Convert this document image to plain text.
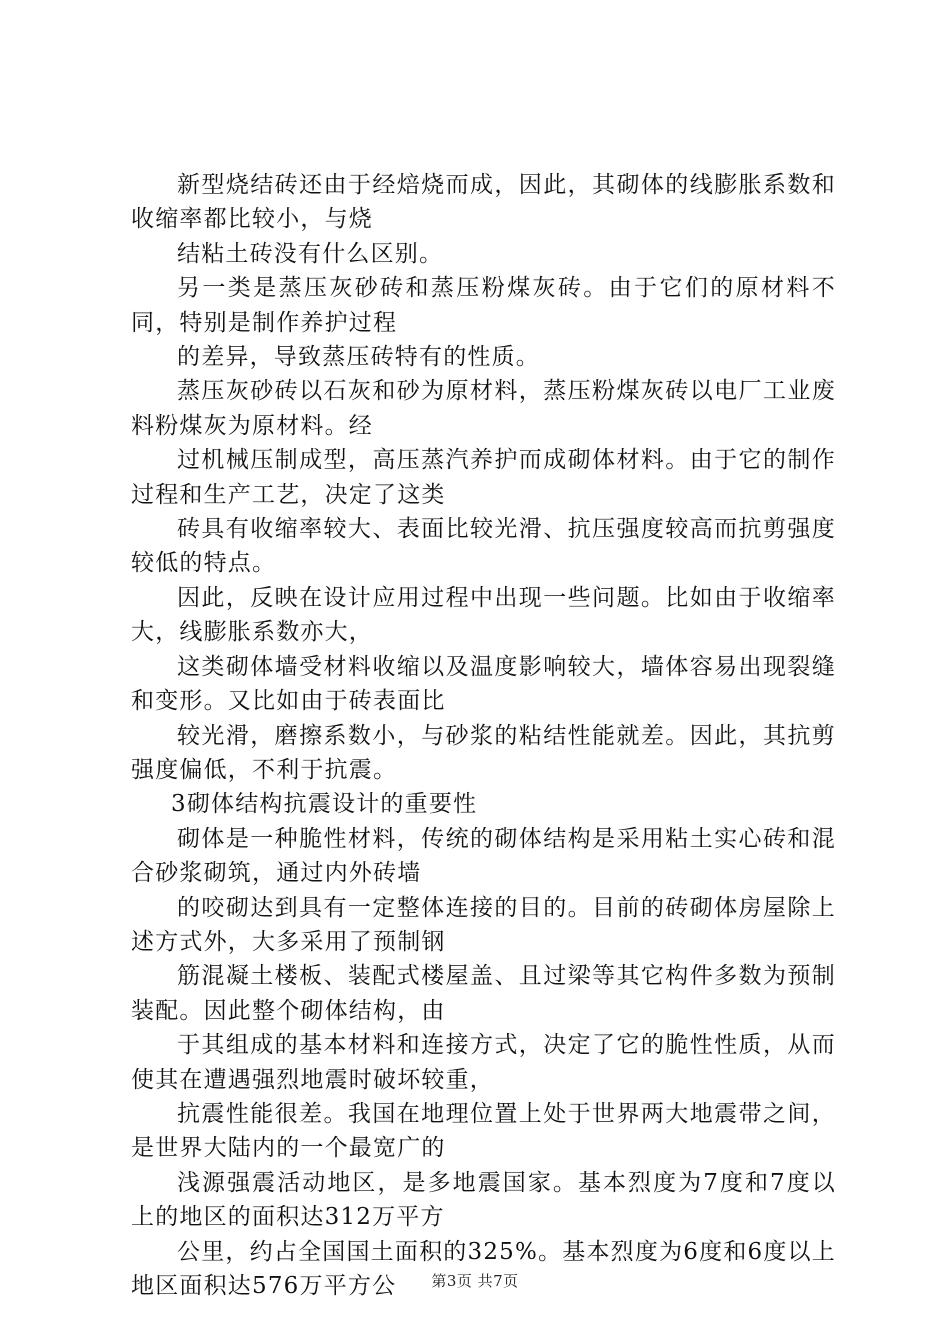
新型烧结砖还由于经焙烧而成，因此，其砌体的线膨胀系数和收缩率都比较小，与烧

结粘土砖没有什么区别。

另一类是蒸压灰砂砖和蒸压粉煤灰砖。由于它们的原材料不同，特别是制作养护过程

的差异，导致蒸压砖特有的性质。

蒸压灰砂砖以石灰和砂为原材料，蒸压粉煤灰砖以电厂工业废料粉煤灰为原材料。经

过机械压制成型，高压蒸汽养护而成砌体材料。由于它的制作过程和生产工艺，决定了这类

砖具有收缩率较大、表面比较光滑、抗压强度较高而抗剪强度较低的特点。

因此，反映在设计应用过程中出现一些问题。比如由于收缩率大，线膨胀系数亦大，

这类砌体墙受材料收缩以及温度影响较大，墙体容易出现裂缝和变形。又比如由于砖表面比

较光滑，磨擦系数小，与砂浆的粘结性能就差。因此，其抗剪强度偏低，不利于抗震。

3砌体结构抗震设计的重要性

砌体是一种脆性材料，传统的砌体结构是采用粘土实心砖和混合砂浆砌筑，通过内外砖墙

的咬砌达到具有一定整体连接的目的。目前的砖砌体房屋除上述方式外，大多采用了预制钢

筋混凝土楼板、装配式楼屋盖、且过梁等其它构件多数为预制装配。因此整个砌体结构，由

于其组成的基本材料和连接方式，决定了它的脆性性质，从而使其在遭遇强烈地震时破坏较重，

抗震性能很差。我国在地理位置上处于世界两大地震带之间，是世界大陆内的一个最宽广的

浅源强震活动地区，是多地震国家。基本烈度为7度和7度以上的地区的面积达312万平方

公里，约占全国国土面积的325%。基本烈度为6度和6度以上地区面积达576万平方公	第3页 共7页
